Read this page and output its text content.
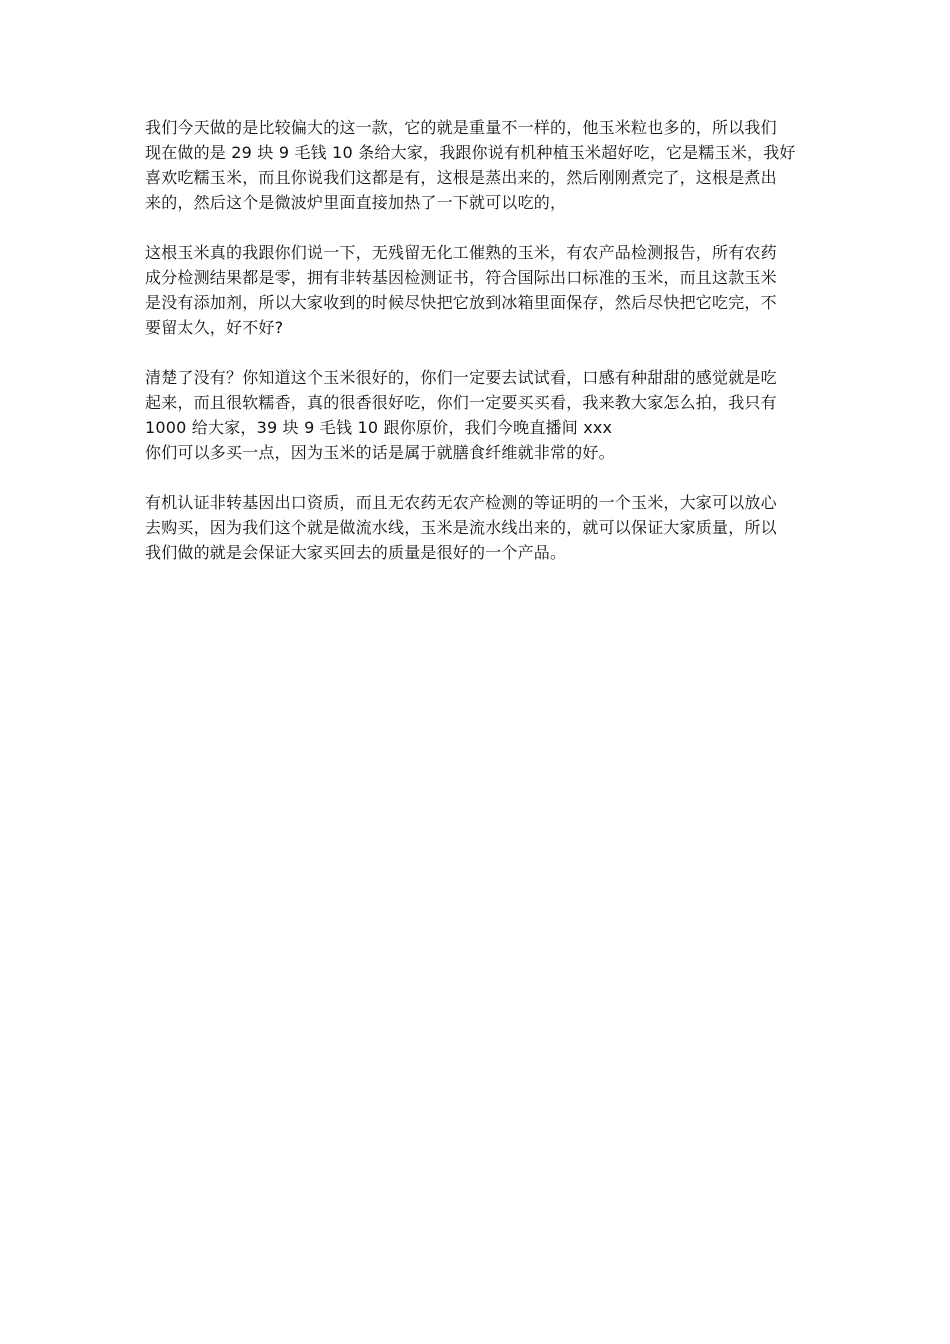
我们今天做的是比较偏大的这一款，它的就是重量不一样的，他玉米粒也多的，所以我们
现在做的是 29 块 9 毛钱 10 条给大家，我跟你说有机种植玉米超好吃，它是糯玉米，我好
喜欢吃糯玉米，而且你说我们这都是有，这根是蒸出来的，然后刚刚煮完了，这根是煮出
来的，然后这个是微波炉里面直接加热了一下就可以吃的，

这根玉米真的我跟你们说一下，无残留无化工催熟的玉米，有农产品检测报告，所有农药
成分检测结果都是零，拥有非转基因检测证书，符合国际出口标准的玉米，而且这款玉米
是没有添加剂，所以大家收到的时候尽快把它放到冰箱里面保存，然后尽快把它吃完，不
要留太久，好不好?

清楚了没有？你知道这个玉米很好的，你们一定要去试试看，口感有种甜甜的感觉就是吃
起来，而且很软糯香，真的很香很好吃，你们一定要买买看，我来教大家怎么拍，我只有
1000 给大家，39 块 9 毛钱 10 跟你原价，我们今晚直播间 xxx
你们可以多买一点，因为玉米的话是属于就膳食纤维就非常的好。

有机认证非转基因出口资质，而且无农药无农产检测的等证明的一个玉米，大家可以放心
去购买，因为我们这个就是做流水线，玉米是流水线出来的，就可以保证大家质量，所以
我们做的就是会保证大家买回去的质量是很好的一个产品。
